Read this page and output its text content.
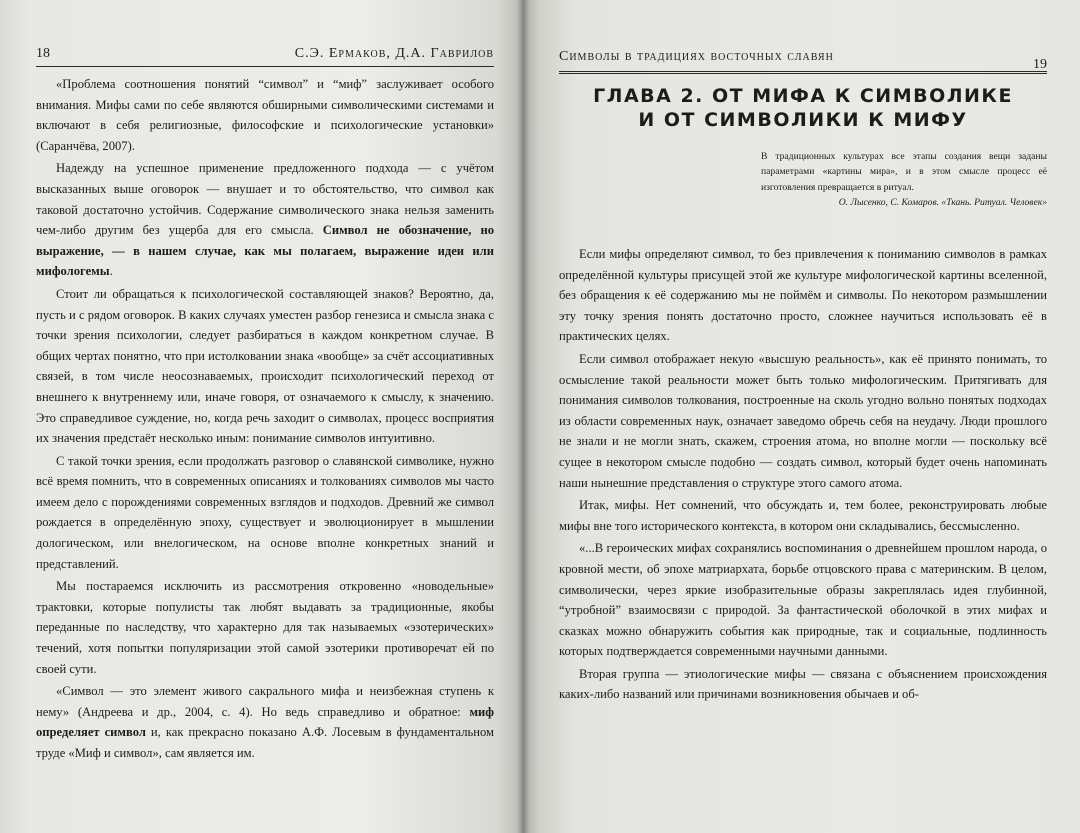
18	С.Э. Ермаков, Д.А. Гаврилов

«Проблема соотношения понятий “символ” и “миф” заслуживает особого внимания. Мифы сами по себе являются обширными символическими системами и включают в себя религиозные, философские и психологические установки» (Саранчёва, 2007).

Надежду на успешное применение предложенного подхода — с учётом высказанных выше оговорок — внушает и то обстоятельство, что символ как таковой достаточно устойчив. Содержание символического знака нельзя заменить чем-либо другим без ущерба для его смысла. Символ не обозначение, но выражение, — в нашем случае, как мы полагаем, выражение идеи или мифологемы.

Стоит ли обращаться к психологической составляющей знаков? Вероятно, да, пусть и с рядом оговорок. В каких случаях уместен разбор генезиса и смысла знака с точки зрения психологии, следует разбираться в каждом конкретном случае. В общих чертах понятно, что при истолковании знака «вообще» за счёт ассоциативных связей, в том числе неосознаваемых, происходит психологический переход от внешнего к внутреннему или, иначе говоря, от означаемого к смыслу, к значению. Это справедливое суждение, но, когда речь заходит о символах, процесс восприятия их значения предстаёт несколько иным: понимание символов интуитивно.

С такой точки зрения, если продолжать разговор о славянской символике, нужно всё время помнить, что в современных описаниях и толкованиях символов мы часто имеем дело с порождениями современных взглядов и подходов. Древний же символ рождается в определённую эпоху, существует и эволюционирует в мышлении дологическом, или внелогическом, на основе вполне конкретных знаний и представлений.

Мы постараемся исключить из рассмотрения откровенно «новодельные» трактовки, которые популисты так любят выдавать за традиционные, якобы переданные по наследству, что характерно для так называемых «эзотерических» течений, хотя попытки популяризации этой самой эзотерики противоречат ей по своей сути.

«Символ — это элемент живого сакрального мифа и неизбежная ступень к нему» (Андреева и др., 2004, с. 4). Но ведь справедливо и обратное: миф определяет символ и, как прекрасно показано А.Ф. Лосевым в фундаментальном труде «Миф и символ», сам является им.

Символы в традициях восточных славян
19
ГЛАВА 2. ОТ МИФА К СИМВОЛИКЕ
И ОТ СИМВОЛИКИ К МИФУ
В традиционных культурах все этапы создания вещи заданы параметрами «картины мира», и в этом смысле процесс её изготовления превращается в ритуал.
О. Лысенко, С. Комаров. «Ткань. Ритуал. Человек»

Если мифы определяют символ, то без привлечения к пониманию символов в рамках определённой культуры присущей этой же культуре мифологической картины вселенной, без обращения к её содержанию мы не поймём и символы. По некотором размышлении эту точку зрения понять достаточно просто, сложнее научиться использовать её в практических целях.

Если символ отображает некую «высшую реальность», как её принято понимать, то осмысление такой реальности может быть только мифологическим. Притягивать для понимания символов толкования, построенные на сколь угодно вольно понятых подходах из области современных наук, означает заведомо обречь себя на неудачу. Люди прошлого не знали и не могли знать, скажем, строения атома, но вполне могли — поскольку всё сущее в некотором смысле подобно — создать символ, который будет очень напоминать наши нынешние представления о структуре этого самого атома.

Итак, мифы. Нет сомнений, что обсуждать и, тем более, реконструировать любые мифы вне того исторического контекста, в котором они складывались, бессмысленно.

«...В героических мифах сохранялись воспоминания о древнейшем прошлом народа, о кровной мести, об эпохе матриархата, борьбе отцовского права с материнским. В целом, символически, через яркие изобразительные образы закреплялась идея глубинной, “утробной” взаимосвязи с природой. За фантастической оболочкой в этих мифах и сказках можно обнаружить события как природные, так и социальные, подлинность которых подтверждается современными научными данными.

Вторая группа — этиологические мифы — связана с объяснением происхождения каких-либо названий или причинами возникновения обычаев и об-
